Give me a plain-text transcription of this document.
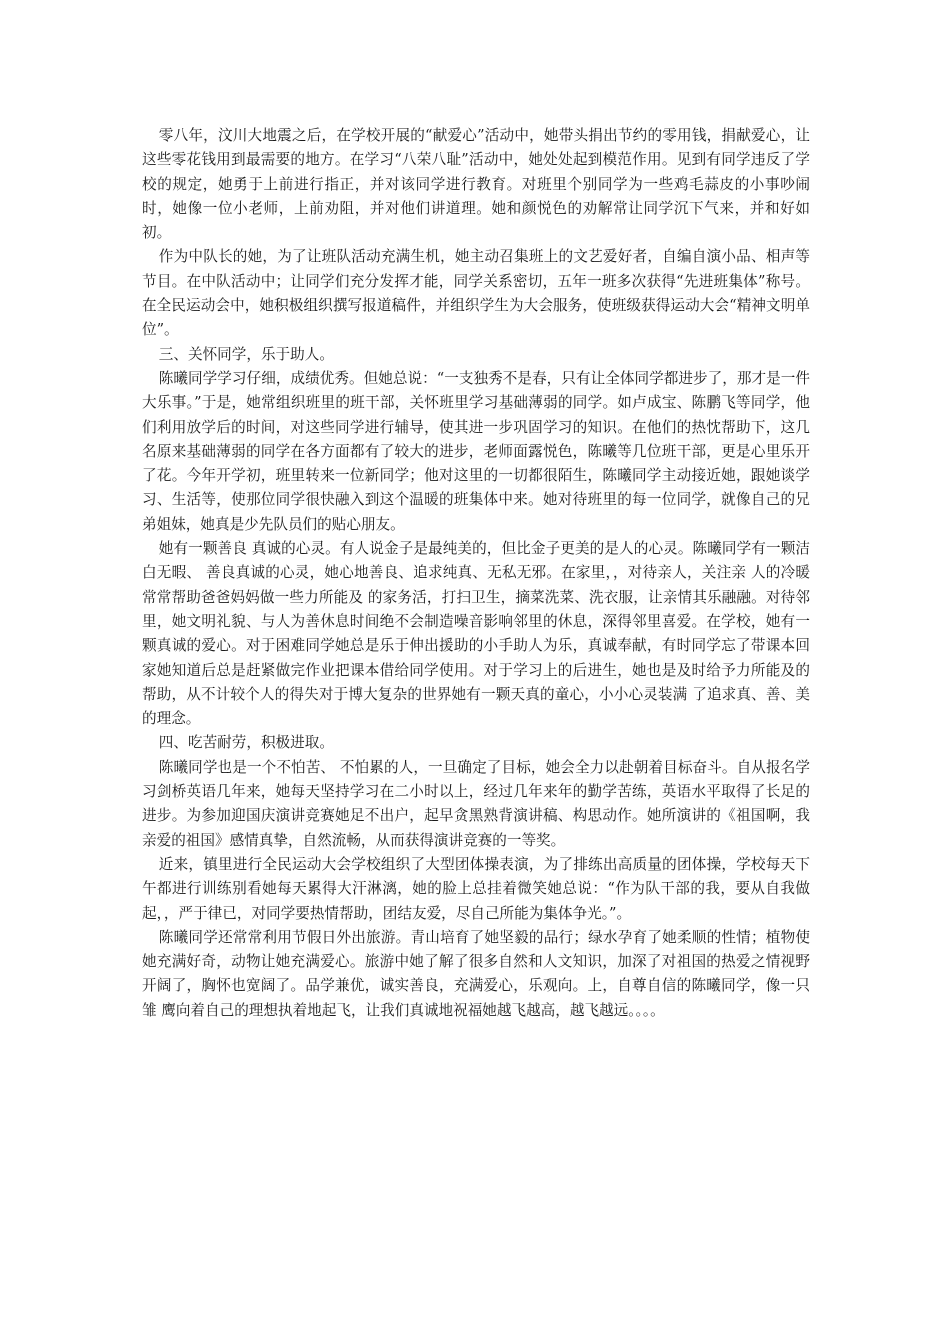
零八年，汶川大地震之后，在学校开展的“献爱心”活动中，她带头捐出节约的零用钱，捐献爱心，让这些零花钱用到最需要的地方。在学习“八荣八耻”活动中，她处处起到模范作用。见到有同学违反了学校的规定，她勇于上前进行指正，并对该同学进行教育。对班里个别同学为一些鸡毛蒜皮的小事吵闹时，她像一位小老师，上前劝阻，并对他们讲道理。她和颜悦色的劝解常让同学沉下气来，并和好如初。

作为中队长的她，为了让班队活动充满生机，她主动召集班上的文艺爱好者，自编自演小品、相声等节目。在中队活动中；让同学们充分发挥才能，同学关系密切，五年一班多次获得“先进班集体”称号。在全民运动会中，她积极组织撰写报道稿件，并组织学生为大会服务，使班级获得运动大会“精神文明单位”。

三、关怀同学，乐于助人。

陈曦同学学习仔细，成绩优秀。但她总说：“一支独秀不是春，只有让全体同学都进步了，那才是一件大乐事。”于是，她常组织班里的班干部，关怀班里学习基础薄弱的同学。如卢成宝、陈鹏飞等同学，他们利用放学后的时间，对这些同学进行辅导，使其进一步巩固学习的知识。在他们的热忱帮助下，这几名原来基础薄弱的同学在各方面都有了较大的进步，老师面露悦色，陈曦等几位班干部，更是心里乐开了花。今年开学初，班里转来一位新同学；他对这里的一切都很陌生，陈曦同学主动接近她，跟她谈学习、生活等，使那位同学很快融入到这个温暖的班集体中来。她对待班里的每一位同学，就像自己的兄弟姐妹，她真是少先队员们的贴心朋友。

她有一颗善良 真诚的心灵。有人说金子是最纯美的，但比金子更美的是人的心灵。陈曦同学有一颗洁白无暇、 善良真诚的心灵，她心地善良、追求纯真、无私无邪。在家里，，对待亲人，关注亲 人的冷暖常常帮助爸爸妈妈做一些力所能及 的家务活，打扫卫生，摘菜洗菜、洗衣服，让亲情其乐融融。对待邻里，她文明礼貌、与人为善休息时间绝不会制造噪音影响邻里的休息，深得邻里喜爱。在学校，她有一颗真诚的爱心。对于困难同学她总是乐于伸出援助的小手助人为乐，真诚奉献，有时同学忘了带课本回家她知道后总是赶紧做完作业把课本借给同学使用。对于学习上的后进生，她也是及时给予力所能及的帮助，从不计较个人的得失对于博大复杂的世界她有一颗天真的童心，小小心灵装满 了追求真、善、美的理念。

四、吃苦耐劳，积极进取。

陈曦同学也是一个不怕苦、 不怕累的人，一旦确定了目标，她会全力以赴朝着目标奋斗。自从报名学习剑桥英语几年来，她每天坚持学习在二小时以上，经过几年来年的勤学苦练，英语水平取得了长足的进步。为参加迎国庆演讲竞赛她足不出户，起早贪黑熟背演讲稿、构思动作。她所演讲的《祖国啊，我亲爱的祖国》感情真挚，自然流畅，从而获得演讲竞赛的一等奖。

近来，镇里进行全民运动大会学校组织了大型团体操表演，为了排练出高质量的团体操，学校每天下午都进行训练别看她每天累得大汗淋漓，她的脸上总挂着微笑她总说：“作为队干部的我，要从自我做起，，严于律已，对同学要热情帮助，团结友爱，尽自己所能为集体争光。”。

陈曦同学还常常利用节假日外出旅游。青山培育了她坚毅的品行；绿水孕育了她柔顺的性情；植物使她充满好奇，动物让她充满爱心。旅游中她了解了很多自然和人文知识，加深了对祖国的热爱之情视野开阔了，胸怀也宽阔了。品学兼优，诚实善良，充满爱心，乐观向。上，自尊自信的陈曦同学，像一只雏 鹰向着自己的理想执着地起飞，让我们真诚地祝福她越飞越高，越飞越远。。。。
